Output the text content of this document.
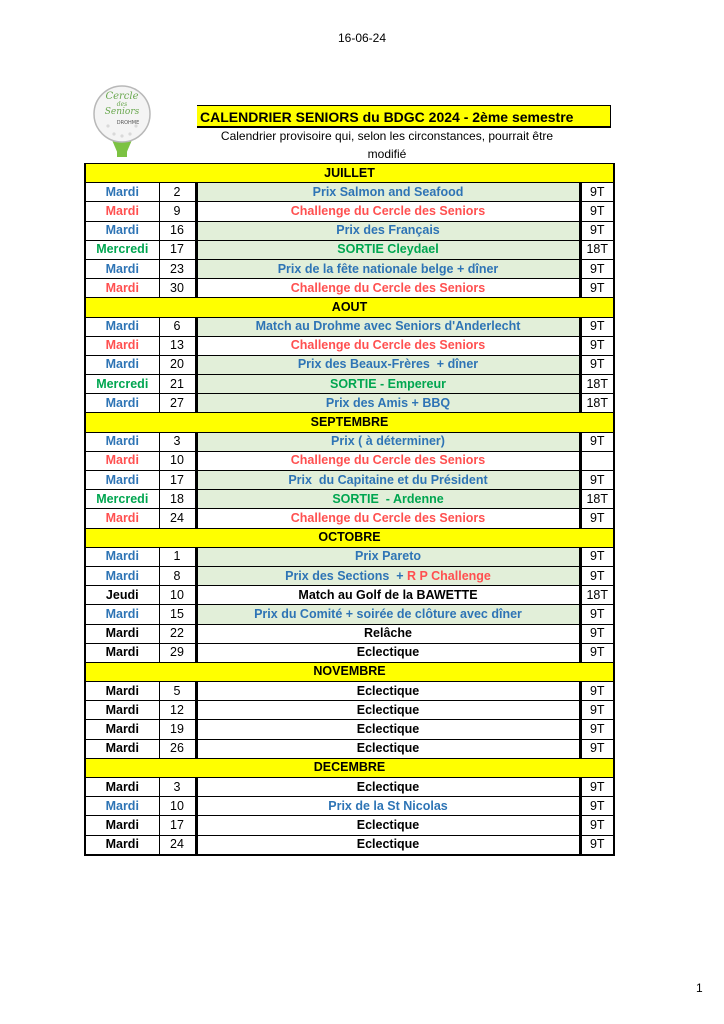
16-06-24
Cercle
des
Seniors
DROHME	CALENDRIER SENIORS du BDGC 2024 - 2ème semestre
Calendrier provisoire qui, selon les circonstances, pourrait être
modifié
JUILLET			
Mardi	2	Prix Salmon and Seafood	9T
Mardi	9	Challenge du Cercle des Seniors	9T
Mardi	16	Prix des Français	9T
Mercredi	17	SORTIE Cleydael	18T
Mardi	23	Prix de la fête nationale belge + dîner	9T
Mardi	30	Challenge du Cercle des Seniors	9T
AOUT			
Mardi	6	Match au Drohme avec Seniors d'Anderlecht	9T
Mardi	13	Challenge du Cercle des Seniors	9T
Mardi	20	Prix des Beaux-Frères  + dîner	9T
Mercredi	21	SORTIE - Empereur	18T
Mardi	27	Prix des Amis + BBQ	18T
SEPTEMBRE			
Mardi	3	Prix ( à déterminer)	9T
Mardi	10	Challenge du Cercle des Seniors	
Mardi	17	Prix  du Capitaine et du Président	9T
Mercredi	18	SORTIE  - Ardenne	18T
Mardi	24	Challenge du Cercle des Seniors	9T
OCTOBRE			
Mardi	1	Prix Pareto	9T
Mardi	8	Prix des Sections  + R P Challenge	9T
Jeudi	10	Match au Golf de la BAWETTE	18T
Mardi	15	Prix du Comité + soirée de clôture avec dîner	9T
Mardi	22	Relâche	9T
Mardi	29	Eclectique	9T
NOVEMBRE			
Mardi	5	Eclectique	9T
Mardi	12	Eclectique	9T
Mardi	19	Eclectique	9T
Mardi	26	Eclectique	9T
DECEMBRE			
Mardi	3	Eclectique	9T
Mardi	10	Prix de la St Nicolas	9T
Mardi	17	Eclectique	9T
Mardi	24	Eclectique	9T
1
